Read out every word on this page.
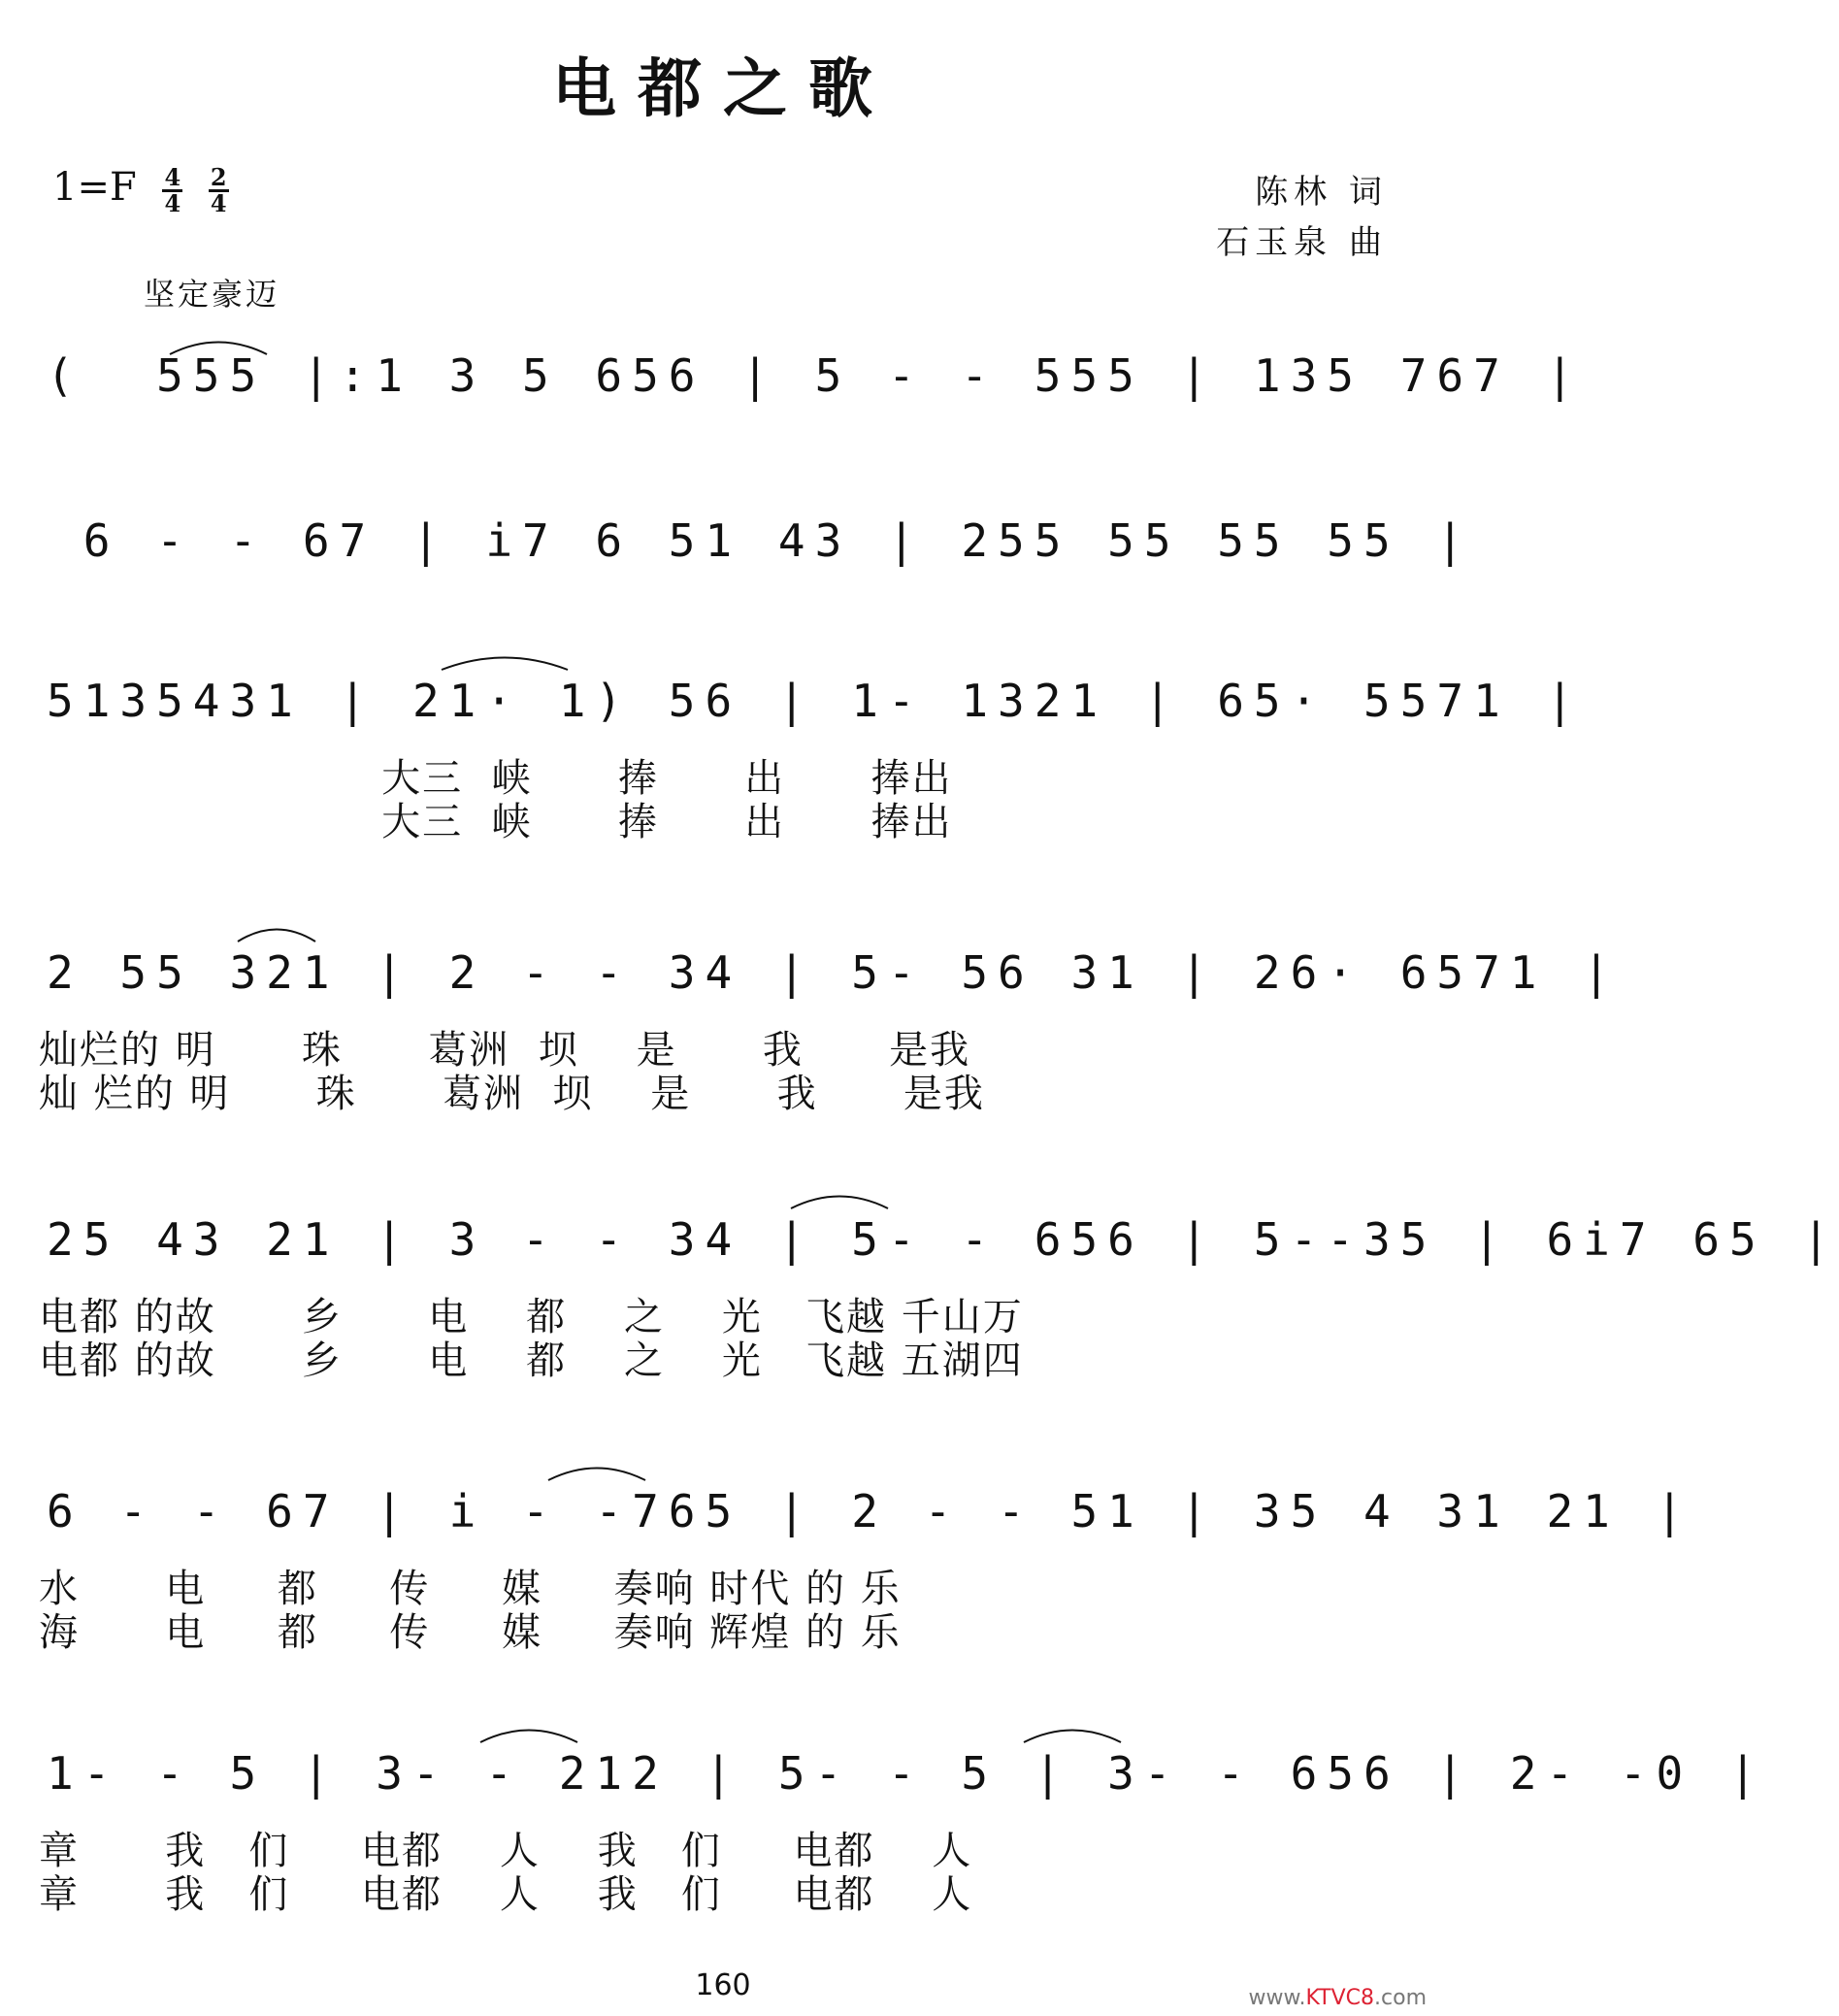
电都之歌
$1=F \frac{4}{4}$
$\frac{2}{4}$	陈林 词
石玉泉 曲
坚定豪迈
(  555 |:1 3 5 656 | 5 - - 555 | 135 767 |
6 - - 67 | i7 6 51 43 | 255 55 55 55 |
5135431 | 21· 1) 56 | 1- 1321 | 65· 5571 |
大三  峡      捧      出      捧出
大三  峡      捧      出      捧出
2 55 321 | 2 - - 34 | 5- 56 31 | 26· 6571 |
灿烂的 明      珠      葛洲  坝    是      我      是我
灿 烂的 明      珠      葛洲  坝    是      我      是我
25 43 21 | 3 - - 34 | 5- - 656 | 5--35 | 6i7 65 |
电都 的故      乡      电    都    之    光   飞越 千山万
电都 的故      乡      电    都    之    光   飞越 五湖四
6 - - 67 | i - -765 | 2 - - 51 | 35 4 31 21 |
水      电     都     传     媒     奏响 时代 的 乐
海      电     都     传     媒     奏响 辉煌 的 乐
1- - 5 | 3- - 212 | 5- - 5 | 3- - 656 | 2- -0 |
章      我   们     电都    人    我   们     电都    人
章      我   们     电都    人    我   们     电都    人
160	www.KTVC8.com
